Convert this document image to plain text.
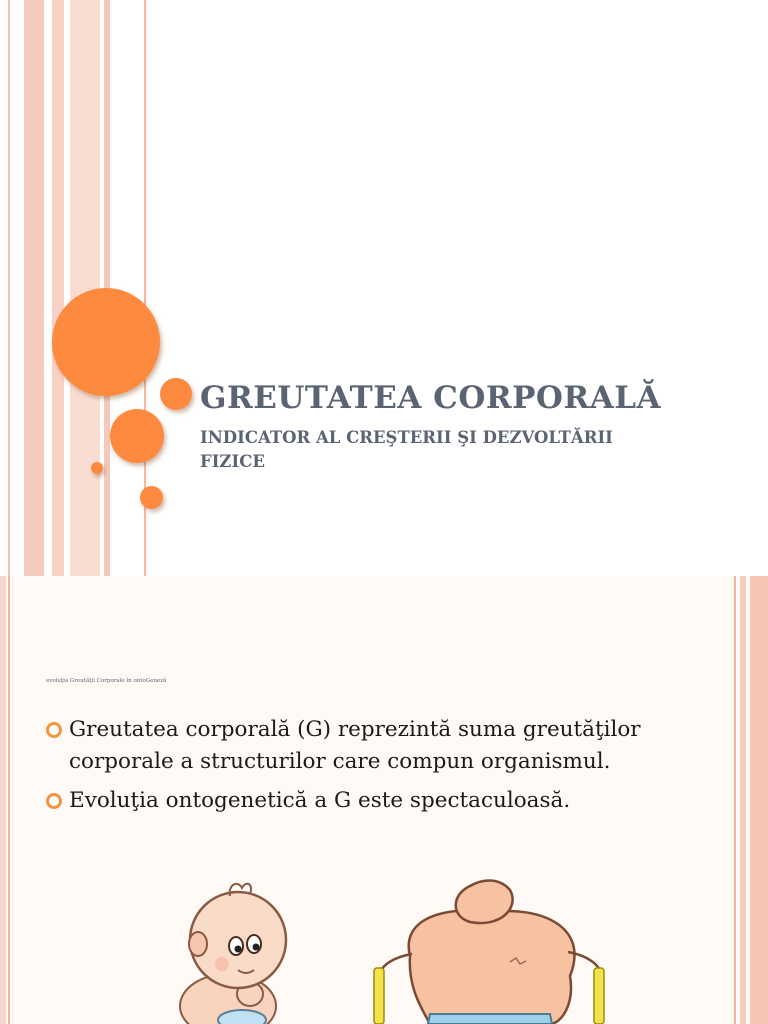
GREUTATEA CORPORALĂ
INDICATOR AL CREŞTERII ŞI DEZVOLTĂRII
FIZICE
evoluţia Greutăţii Corporale în ontoGeneză
Greutatea corporală (G) reprezintă suma greutăţilor corporale a structurilor care compun organismul.
Evoluţia ontogenetică a G este spectaculoasă.
